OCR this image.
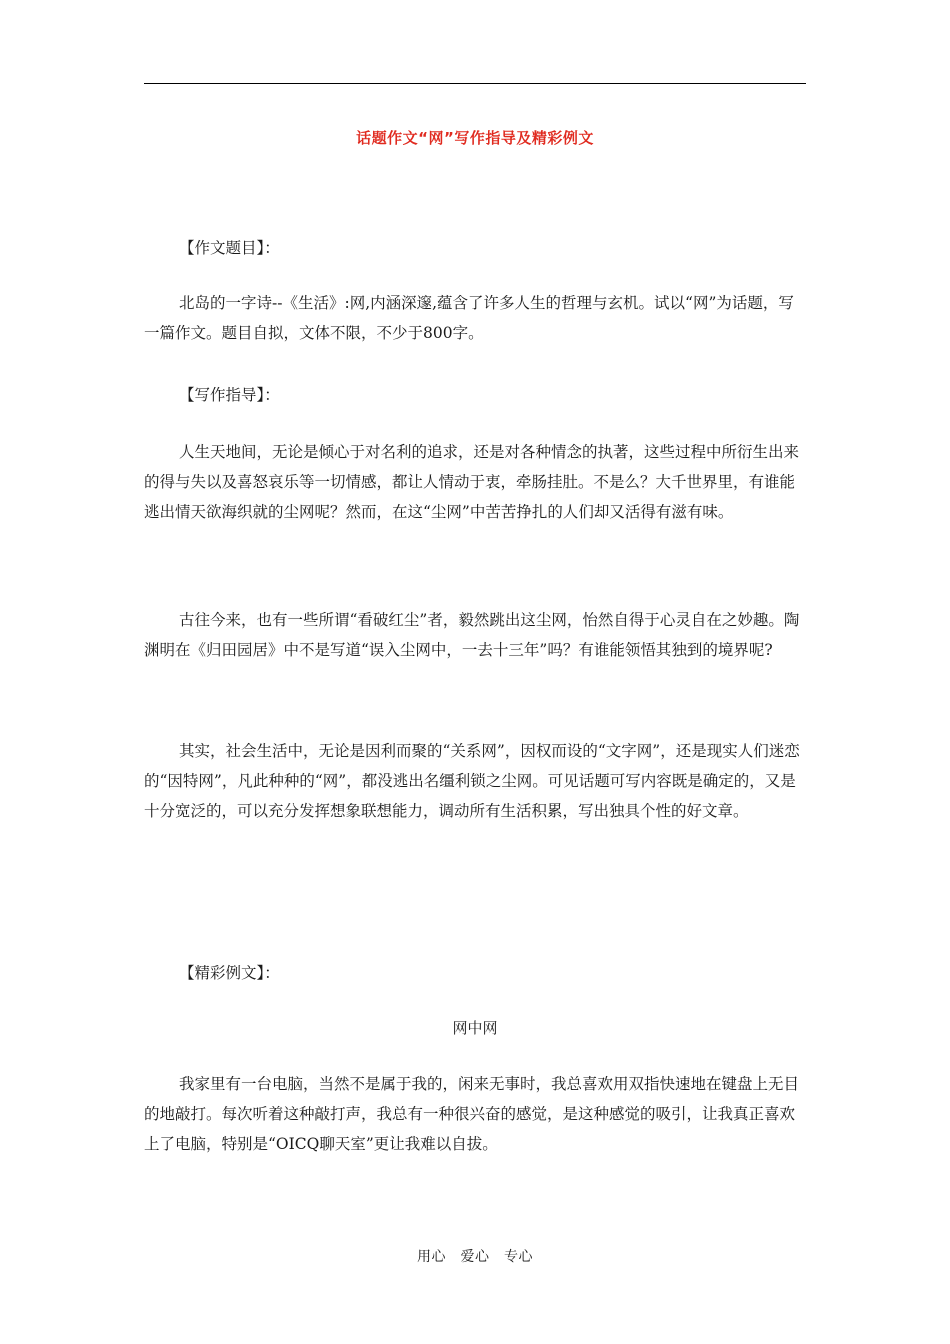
话题作文“网”写作指导及精彩例文

【作文题目】：

北岛的一字诗--《生活》:网,内涵深邃,蕴含了许多人生的哲理与玄机。试以“网”为话题，写一篇作文。题目自拟，文体不限，不少于800字。

【写作指导】：

人生天地间，无论是倾心于对名利的追求，还是对各种情念的执著，这些过程中所衍生出来的得与失以及喜怒哀乐等一切情感，都让人情动于衷，牵肠挂肚。不是么？大千世界里，有谁能逃出情天欲海织就的尘网呢？然而，在这“尘网”中苦苦挣扎的人们却又活得有滋有味。

古往今来，也有一些所谓“看破红尘”者，毅然跳出这尘网，怡然自得于心灵自在之妙趣。陶渊明在《归田园居》中不是写道“误入尘网中，一去十三年”吗？有谁能领悟其独到的境界呢?

其实，社会生活中，无论是因利而聚的“关系网”，因权而设的“文字网”，还是现实人们迷恋的“因特网”，凡此种种的“网”，都没逃出名缰利锁之尘网。可见话题可写内容既是确定的，又是十分宽泛的，可以充分发挥想象联想能力，调动所有生活积累，写出独具个性的好文章。

【精彩例文】：

网中网

我家里有一台电脑，当然不是属于我的，闲来无事时，我总喜欢用双指快速地在键盘上无目的地敲打。每次听着这种敲打声，我总有一种很兴奋的感觉，是这种感觉的吸引，让我真正喜欢上了电脑，特别是“OICQ聊天室”更让我难以自拔。

用心　爱心　专心
